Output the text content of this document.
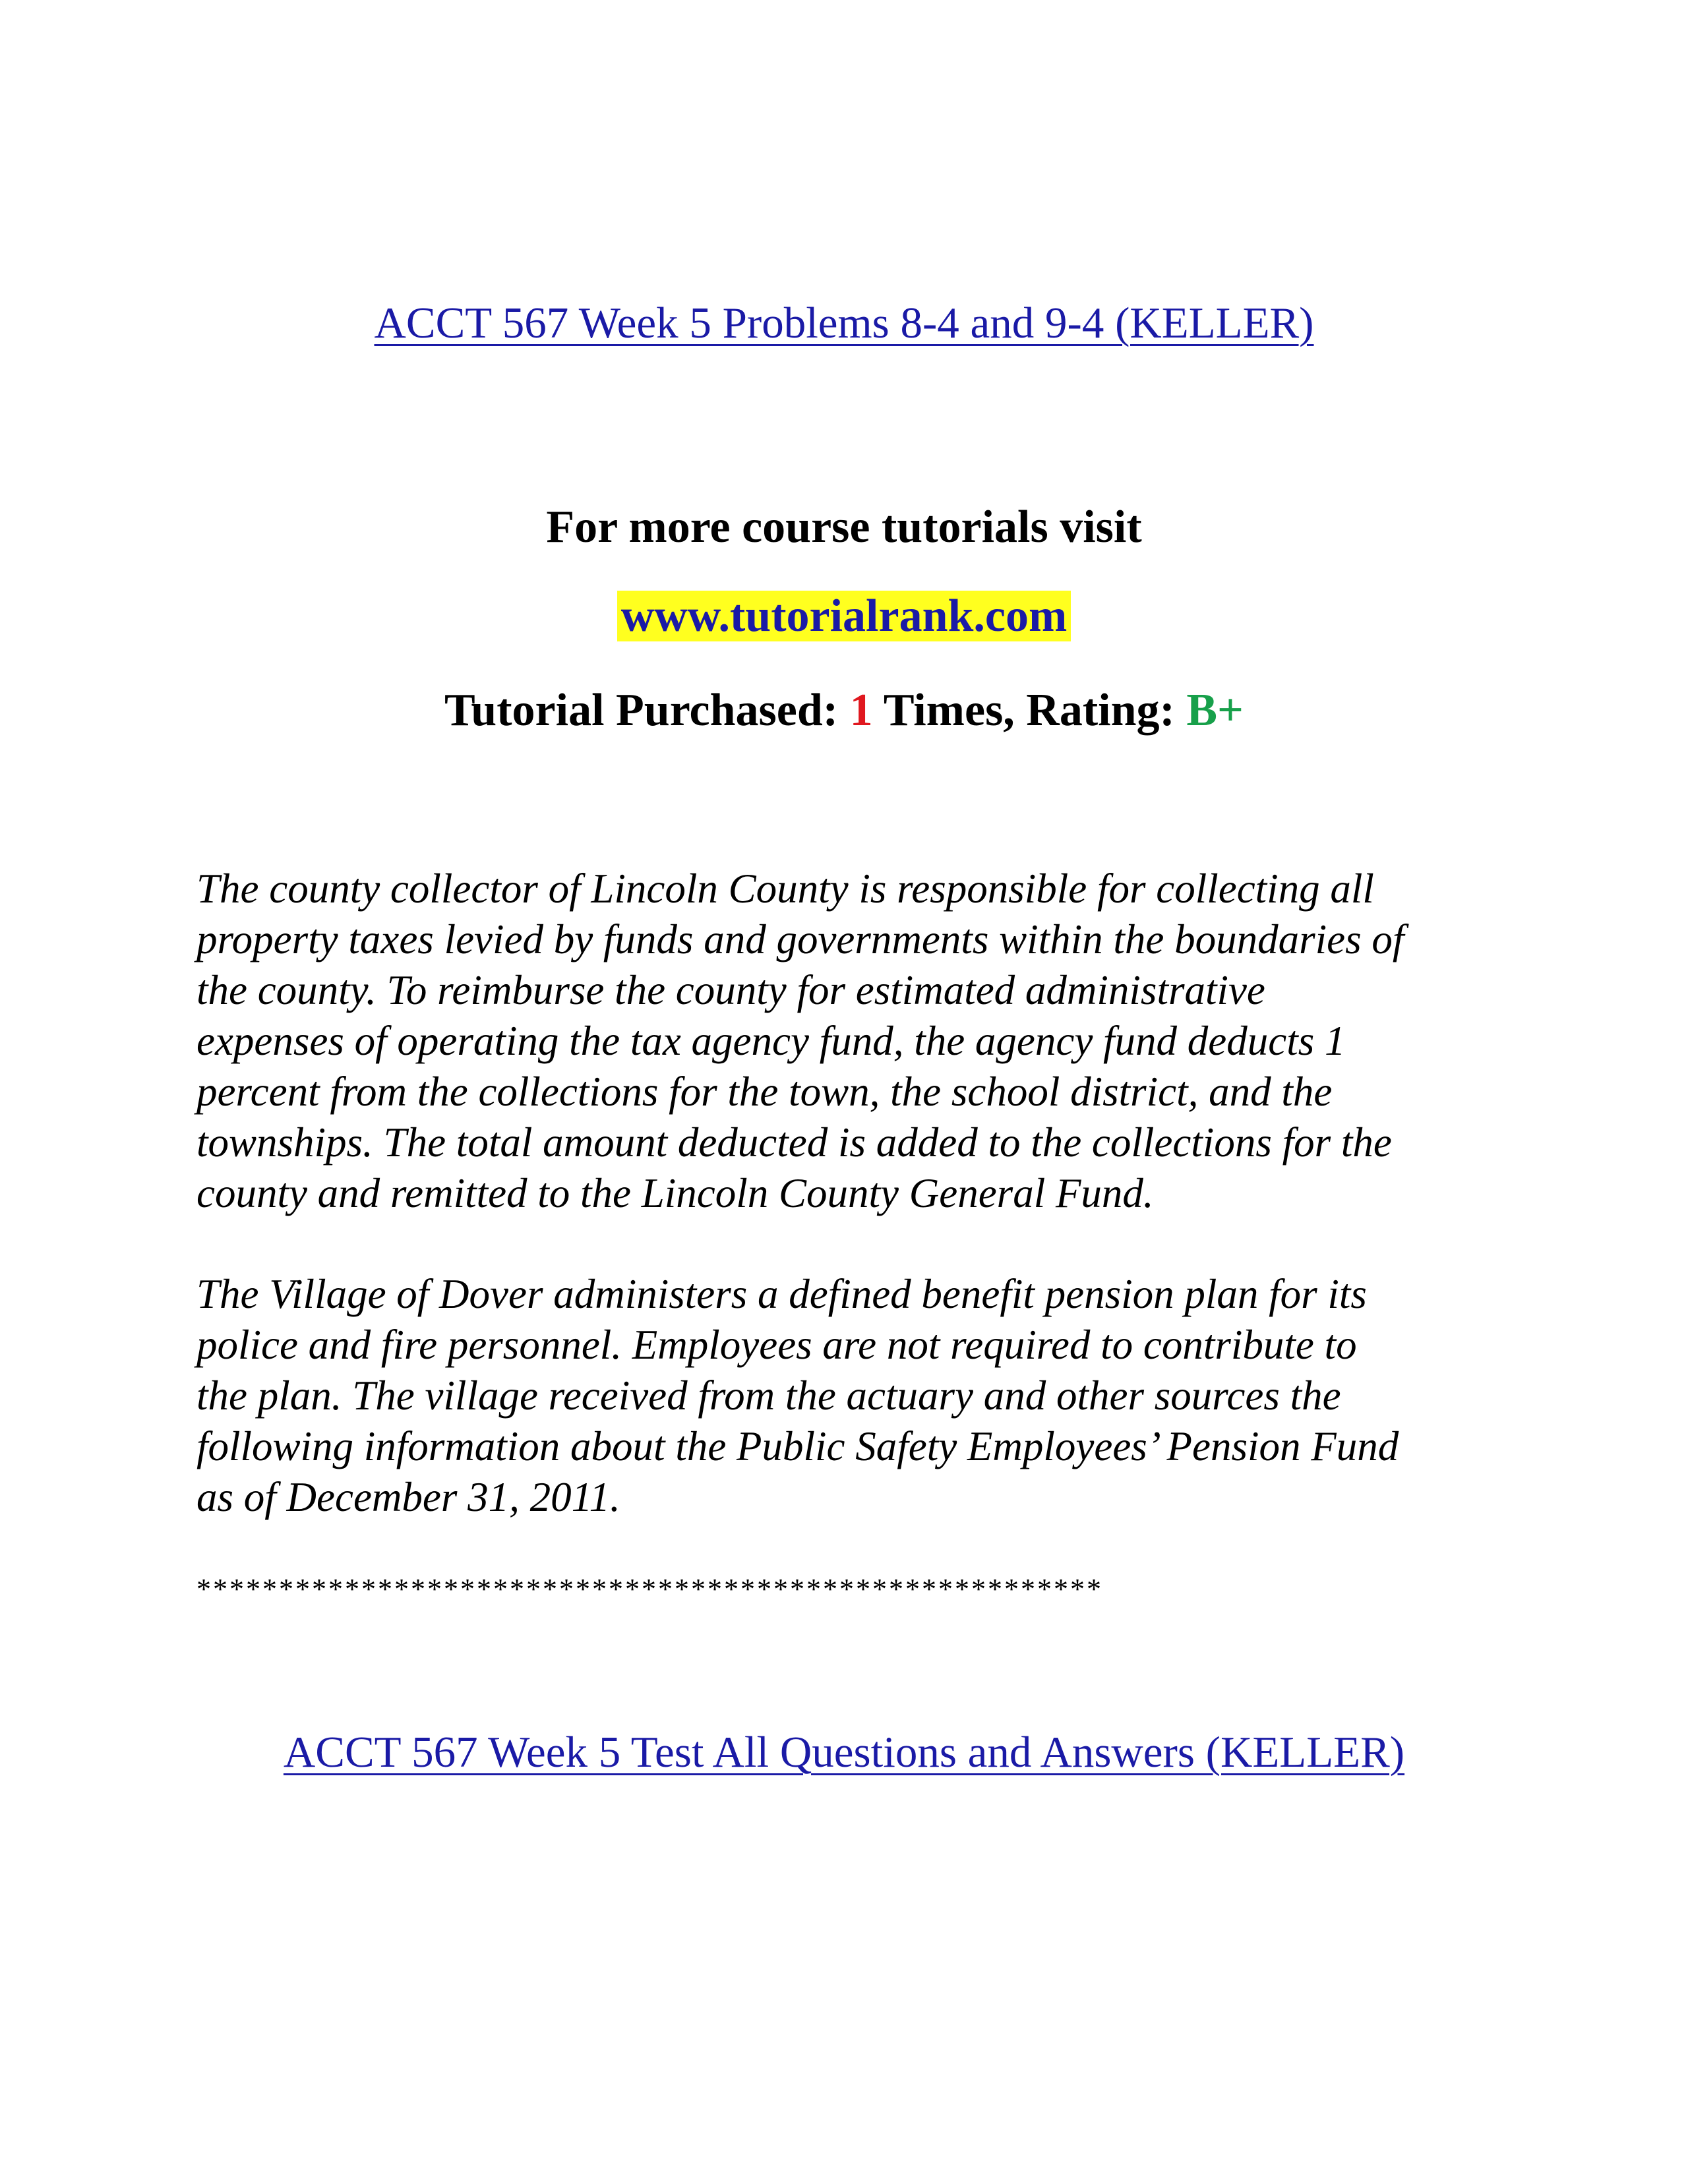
ACCT 567 Week 5 Problems 8-4 and 9-4 (KELLER)
For more course tutorials visit
www.tutorialrank.com
Tutorial Purchased: 1 Times, Rating: B+
The county collector of Lincoln County is responsible for collecting all
property taxes levied by funds and governments within the boundaries of
the county. To reimburse the county for estimated administrative
expenses of operating the tax agency fund, the agency fund deducts 1
percent from the collections for the town, the school district, and the
townships. The total amount deducted is added to the collections for the
county and remitted to the Lincoln County General Fund.
The Village of Dover administers a defined benefit pension plan for its
police and fire personnel. Employees are not required to contribute to
the plan. The village received from the actuary and other sources the
following information about the Public Safety Employees’ Pension Fund
as of December 31, 2011.
*******************************************************
ACCT 567 Week 5 Test All Questions and Answers (KELLER)
